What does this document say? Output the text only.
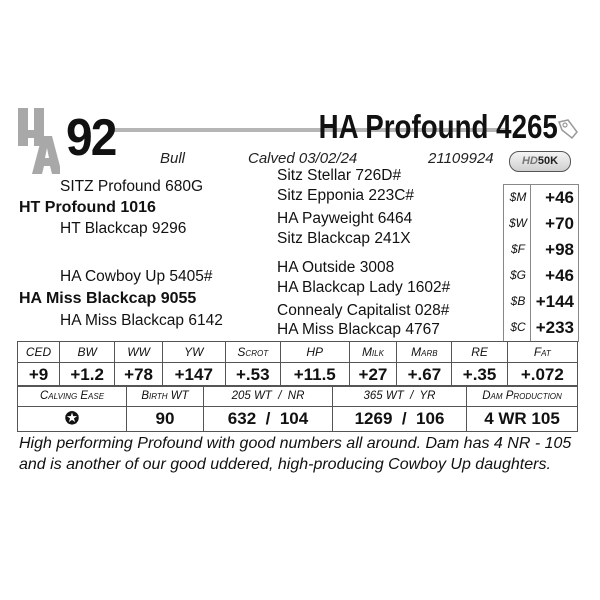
92	HA Profound 4265
Bull	Calved 03/02/24	21109924	HD50K
SITZ Profound 680G
HT Profound 1016
HT Blackcap 9296
HA Cowboy Up 5405#
HA Miss Blackcap 9055
HA Miss Blackcap 6142
Sitz Stellar 726D#
Sitz Epponia 223C#
HA Payweight 6464
Sitz Blackcap 241X
HA Outside 3008
HA Blackcap Lady 1602#
Connealy Capitalist 028#
HA Miss Blackcap 4767
$M +46
$W +70
$F +98
$G +46
$B +144
$C +233
CED	BW	WW	YW	Scrot	HP	Milk	Marb	RE	Fat
+9	+1.2	+78	+147	+.53	+11.5	+27	+.67	+.35	+.072
Calving Ease	Birth WT	205 WT  /  NR	365 WT  /  YR	Dam Production
✪	90	632 / 104	1269 / 106	4 WR 105
High performing Profound with good numbers all around. Dam has 4 NR - 105 and is another of our good uddered, high-producing Cowboy Up daughters.
